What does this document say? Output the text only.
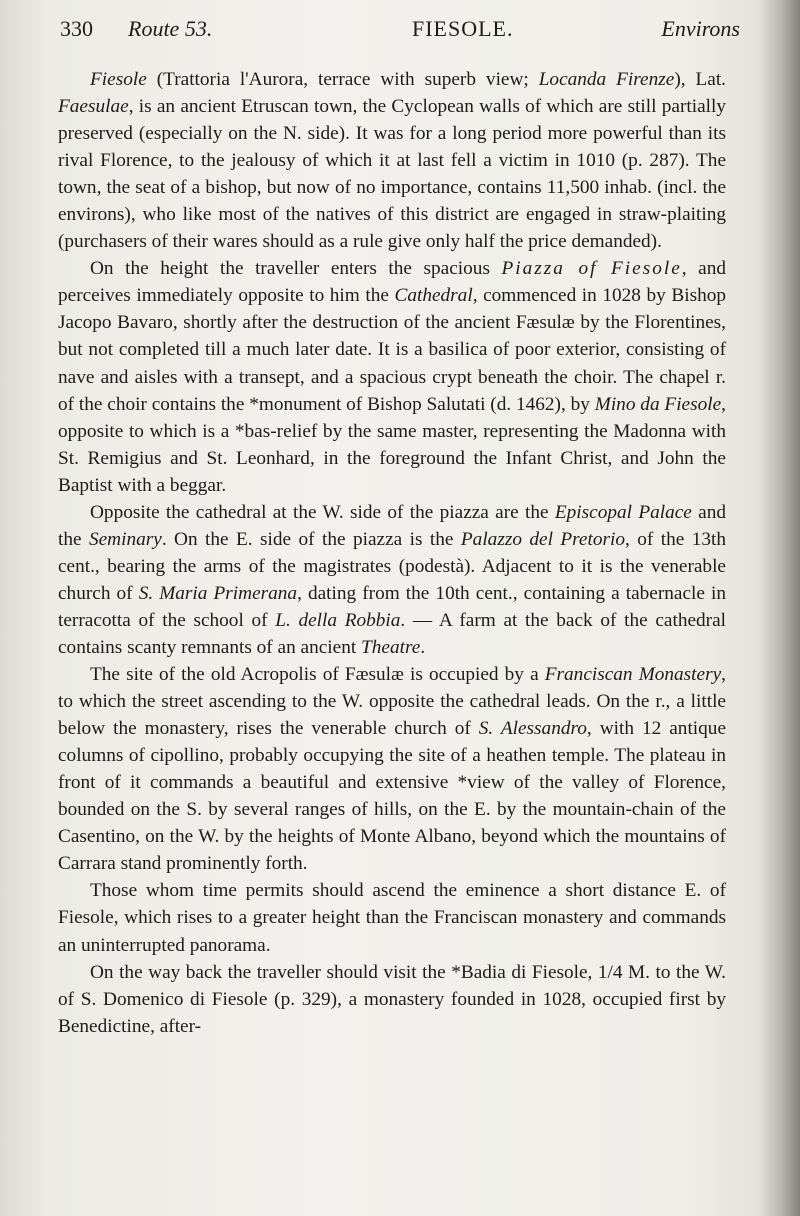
330 Route 53.	FIESOLE.	Environs

Fiesole (Trattoria l'Aurora, terrace with superb view; Locanda Firenze), Lat. Faesulae, is an ancient Etruscan town, the Cyclopean walls of which are still partially preserved (especially on the N. side). It was for a long period more powerful than its rival Florence, to the jealousy of which it at last fell a victim in 1010 (p. 287). The town, the seat of a bishop, but now of no importance, contains 11,500 inhab. (incl. the environs), who like most of the natives of this district are engaged in straw-plaiting (purchasers of their wares should as a rule give only half the price demanded).

On the height the traveller enters the spacious Piazza of Fiesole, and perceives immediately opposite to him the Cathedral, commenced in 1028 by Bishop Jacopo Bavaro, shortly after the destruction of the ancient Fæsulæ by the Florentines, but not completed till a much later date. It is a basilica of poor exterior, consisting of nave and aisles with a transept, and a spacious crypt beneath the choir. The chapel r. of the choir contains the *monument of Bishop Salutati (d. 1462), by Mino da Fiesole, opposite to which is a *bas-relief by the same master, representing the Madonna with St. Remigius and St. Leonhard, in the foreground the Infant Christ, and John the Baptist with a beggar.

Opposite the cathedral at the W. side of the piazza are the Episcopal Palace and the Seminary. On the E. side of the piazza is the Palazzo del Pretorio, of the 13th cent., bearing the arms of the magistrates (podestà). Adjacent to it is the venerable church of S. Maria Primerana, dating from the 10th cent., containing a tabernacle in terracotta of the school of L. della Robbia. — A farm at the back of the cathedral contains scanty remnants of an ancient Theatre.

The site of the old Acropolis of Fæsulæ is occupied by a Franciscan Monastery, to which the street ascending to the W. opposite the cathedral leads. On the r., a little below the monastery, rises the venerable church of S. Alessandro, with 12 antique columns of cipollino, probably occupying the site of a heathen temple. The plateau in front of it commands a beautiful and extensive *view of the valley of Florence, bounded on the S. by several ranges of hills, on the E. by the mountain-chain of the Casentino, on the W. by the heights of Monte Albano, beyond which the mountains of Carrara stand prominently forth.

Those whom time permits should ascend the eminence a short distance E. of Fiesole, which rises to a greater height than the Franciscan monastery and commands an uninterrupted panorama.

On the way back the traveller should visit the *Badia di Fiesole, 1/4 M. to the W. of S. Domenico di Fiesole (p. 329), a monastery founded in 1028, occupied first by Benedictine, after-
